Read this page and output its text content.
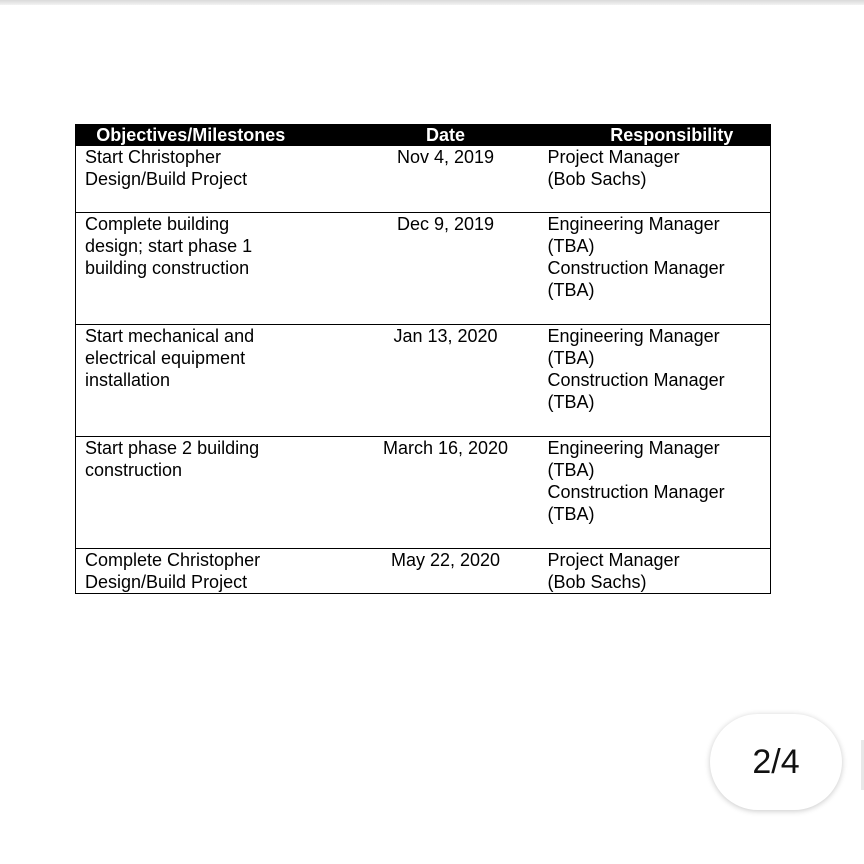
Objectives/Milestones	Date	Responsibility
Start Christopher
Design/Build Project	Nov 4, 2019	Project Manager
(Bob Sachs)
Complete building
design; start phase 1
building construction	Dec 9, 2019	Engineering Manager
(TBA)
Construction Manager
(TBA)
Start mechanical and
electrical equipment
installation	Jan 13, 2020	Engineering Manager
(TBA)
Construction Manager
(TBA)
Start phase 2 building
construction	March 16, 2020	Engineering Manager
(TBA)
Construction Manager
(TBA)
Complete Christopher
Design/Build Project	May 22, 2020	Project Manager
(Bob Sachs)
2/4
